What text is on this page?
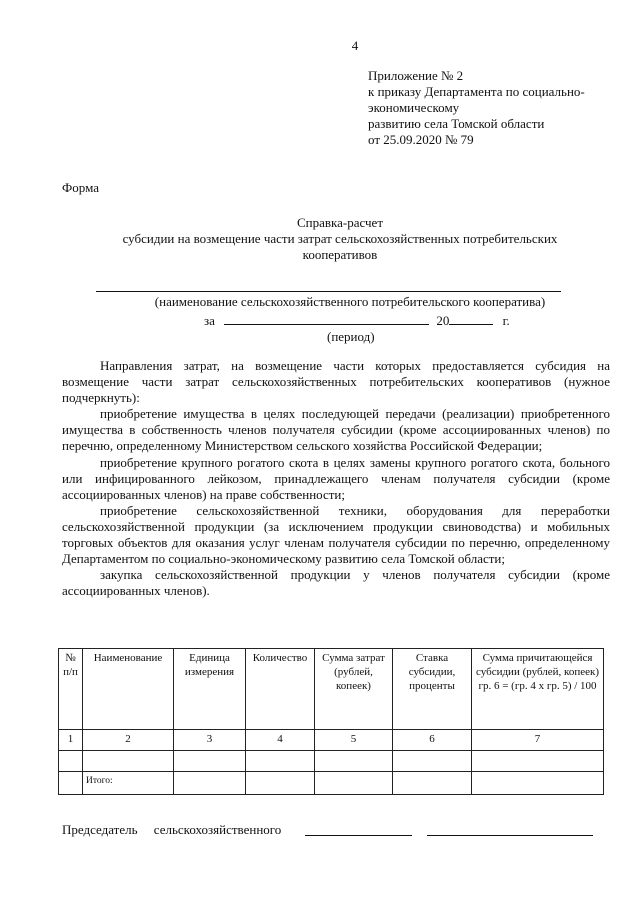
4
Приложение № 2
к приказу Департамента по социально-
экономическому
развитию села Томской области
от 25.09.2020 № 79
Форма
Справка-расчет
субсидии на возмещение части затрат сельскохозяйственных потребительских
кооперативов
(наименование сельскохозяйственного потребительского кооператива)
за	20	г.
(период)

Направления затрат, на возмещение части которых предоставляется субсидия на возмещение части затрат сельскохозяйственных потребительских кооперативов (нужное подчеркнуть):

приобретение имущества в целях последующей передачи (реализации) приобретенного имущества в собственность членов получателя субсидии (кроме ассоциированных членов) по перечню, определенному Министерством сельского хозяйства Российской Федерации;

приобретение крупного рогатого скота в целях замены крупного рогатого скота, больного или инфицированного лейкозом, принадлежащего членам получателя субсидии (кроме ассоциированных членов) на праве собственности;

приобретение сельскохозяйственной техники, оборудования для переработки сельскохозяйственной продукции (за исключением продукции свиноводства) и мобильных торговых объектов для оказания услуг членам получателя субсидии по перечню, определенному Департаментом по социально-экономическому развитию села Томской области;

закупка сельскохозяйственной продукции у членов получателя субсидии (кроме ассоциированных членов).

№ п/п	Наименование	Единица измерения	Количество	Сумма затрат (рублей, копеек)	Ставка субсидии, проценты	Сумма причитающейся субсидии (рублей, копеек) гр. 6 = (гр. 4 x гр. 5) / 100
1	2	3	4	5	6	7

	Итого:					
Председатель     сельскохозяйственного
